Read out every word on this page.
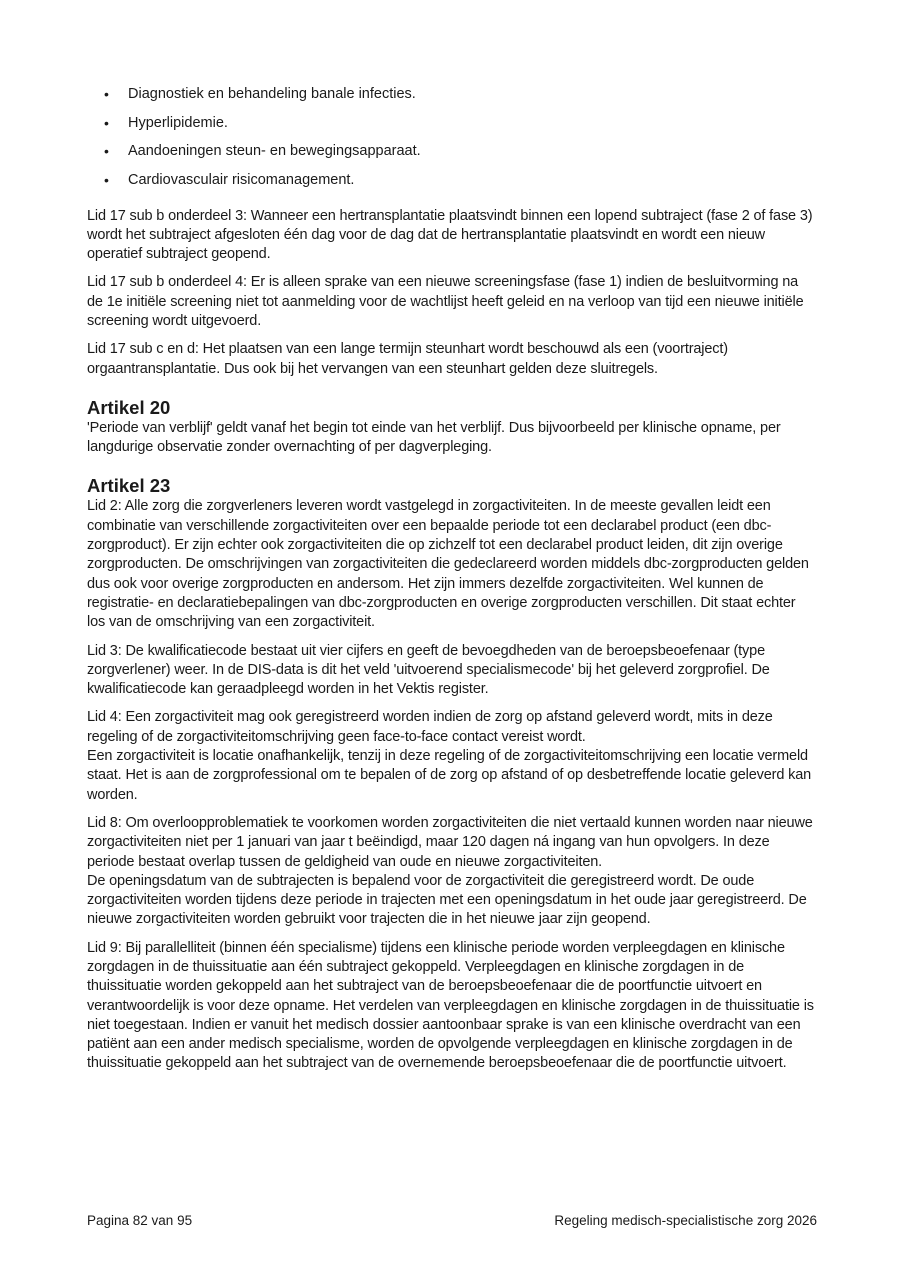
• Diagnostiek en behandeling banale infecties.
• Hyperlipidemie.
• Aandoeningen steun- en bewegingsapparaat.
• Cardiovasculair risicomanagement.

Lid 17 sub b onderdeel 3: Wanneer een hertransplantatie plaatsvindt binnen een lopend subtraject (fase 2 of fase 3) wordt het subtraject afgesloten één dag voor de dag dat de hertransplantatie plaatsvindt en wordt een nieuw operatief subtraject geopend.

Lid 17 sub b onderdeel 4: Er is alleen sprake van een nieuwe screeningsfase (fase 1) indien de besluitvorming na de 1e initiële screening niet tot aanmelding voor de wachtlijst heeft geleid en na verloop van tijd een nieuwe initiële screening wordt uitgevoerd.

Lid 17 sub c en d: Het plaatsen van een lange termijn steunhart wordt beschouwd als een (voortraject) orgaantransplantatie. Dus ook bij het vervangen van een steunhart gelden deze sluitregels.

Artikel 20

'Periode van verblijf' geldt vanaf het begin tot einde van het verblijf. Dus bijvoorbeeld per klinische opname, per langdurige observatie zonder overnachting of per dagverpleging.

Artikel 23

Lid 2: Alle zorg die zorgverleners leveren wordt vastgelegd in zorgactiviteiten. In de meeste gevallen leidt een combinatie van verschillende zorgactiviteiten over een bepaalde periode tot een declarabel product (een dbc-zorgproduct). Er zijn echter ook zorgactiviteiten die op zichzelf tot een declarabel product leiden, dit zijn overige zorgproducten. De omschrijvingen van zorgactiviteiten die gedeclareerd worden middels dbc-zorgproducten gelden dus ook voor overige zorgproducten en andersom. Het zijn immers dezelfde zorgactiviteiten. Wel kunnen de registratie- en declaratiebepalingen van dbc-zorgproducten en overige zorgproducten verschillen. Dit staat echter los van de omschrijving van een zorgactiviteit.

Lid 3: De kwalificatiecode bestaat uit vier cijfers en geeft de bevoegdheden van de beroepsbeoefenaar (type zorgverlener) weer. In de DIS-data is dit het veld 'uitvoerend specialismecode' bij het geleverd zorgprofiel. De kwalificatiecode kan geraadpleegd worden in het Vektis register.

Lid 4: Een zorgactiviteit mag ook geregistreerd worden indien de zorg op afstand geleverd wordt, mits in deze regeling of de zorgactiviteitomschrijving geen face-to-face contact vereist wordt.
Een zorgactiviteit is locatie onafhankelijk, tenzij in deze regeling of de zorgactiviteitomschrijving een locatie vermeld staat. Het is aan de zorgprofessional om te bepalen of de zorg op afstand of op desbetreffende locatie geleverd kan worden.

Lid 8: Om overloopproblematiek te voorkomen worden zorgactiviteiten die niet vertaald kunnen worden naar nieuwe zorgactiviteiten niet per 1 januari van jaar t beëindigd, maar 120 dagen ná ingang van hun opvolgers. In deze periode bestaat overlap tussen de geldigheid van oude en nieuwe zorgactiviteiten.
De openingsdatum van de subtrajecten is bepalend voor de zorgactiviteit die geregistreerd wordt. De oude zorgactiviteiten worden tijdens deze periode in trajecten met een openingsdatum in het oude jaar geregistreerd. De nieuwe zorgactiviteiten worden gebruikt voor trajecten die in het nieuwe jaar zijn geopend.

Lid 9: Bij parallelliteit (binnen één specialisme) tijdens een klinische periode worden verpleegdagen en klinische zorgdagen in de thuissituatie aan één subtraject gekoppeld. Verpleegdagen en klinische zorgdagen in de thuissituatie worden gekoppeld aan het subtraject van de beroepsbeoefenaar die de poortfunctie uitvoert en verantwoordelijk is voor deze opname. Het verdelen van verpleegdagen en klinische zorgdagen in de thuissituatie is niet toegestaan. Indien er vanuit het medisch dossier aantoonbaar sprake is van een klinische overdracht van een patiënt aan een ander medisch specialisme, worden de opvolgende verpleegdagen en klinische zorgdagen in de thuissituatie gekoppeld aan het subtraject van de overnemende beroepsbeoefenaar die de poortfunctie uitvoert.

Pagina 82 van 95	Regeling medisch-specialistische zorg 2026
